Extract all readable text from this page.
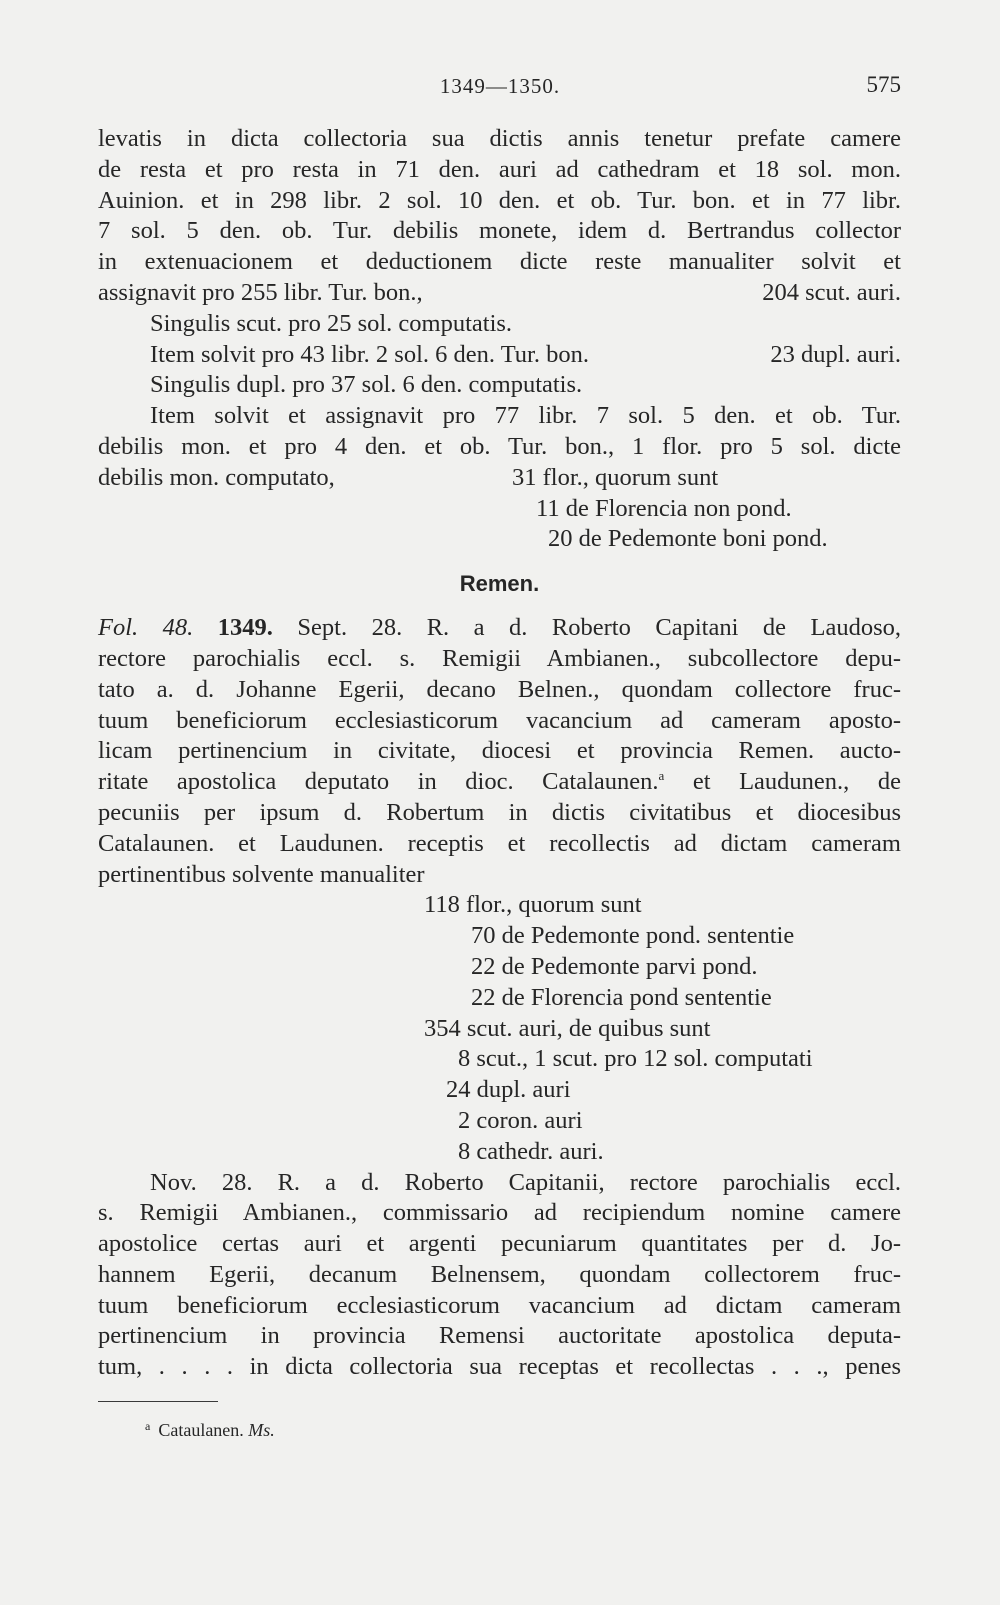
1349—1350.	575
levatis in dicta collectoria sua dictis annis tenetur prefate camere
de resta et pro resta in 71 den. auri ad cathedram et 18 sol. mon.
Auinion. et in 298 libr. 2 sol. 10 den. et ob. Tur. bon. et in 77 libr.
7 sol. 5 den. ob. Tur. debilis monete, idem d. Bertrandus collector
in extenuacionem et deductionem dicte reste manualiter solvit et
assignavit pro 255 libr. Tur. bon.,	204 scut. auri.
Singulis scut. pro 25 sol. computatis.
Item solvit pro 43 libr. 2 sol. 6 den. Tur. bon.	23 dupl. auri.
Singulis dupl. pro 37 sol. 6 den. computatis.
Item solvit et assignavit pro 77 libr. 7 sol. 5 den. et ob. Tur.
debilis mon. et pro 4 den. et ob. Tur. bon., 1 flor. pro 5 sol. dicte
debilis mon. computato,	31 flor., quorum sunt
11 de Florencia non pond.
20 de Pedemonte boni pond.
Remen.
Fol. 48. 1349. Sept. 28. R. a d. Roberto Capitani de Laudoso,
rectore parochialis eccl. s. Remigii Ambianen., subcollectore depu-
tato a. d. Johanne Egerii, decano Belnen., quondam collectore fruc-
tuum beneficiorum ecclesiasticorum vacancium ad cameram aposto-
licam pertinencium in civitate, diocesi et provincia Remen. aucto-
ritate apostolica deputato in dioc. Catalaunen.$^a$ et Laudunen., de
pecuniis per ipsum d. Robertum in dictis civitatibus et diocesibus
Catalaunen. et Laudunen. receptis et recollectis ad dictam cameram
pertinentibus solvente manualiter
118 flor., quorum sunt
70 de Pedemonte pond. sententie
22 de Pedemonte parvi pond.
22 de Florencia pond sententie
354 scut. auri, de quibus sunt
8 scut., 1 scut. pro 12 sol. computati
24 dupl. auri
2 coron. auri
8 cathedr. auri.
Nov. 28. R. a d. Roberto Capitanii, rectore parochialis eccl.
s. Remigii Ambianen., commissario ad recipiendum nomine camere
apostolice certas auri et argenti pecuniarum quantitates per d. Jo-
hannem Egerii, decanum Belnensem, quondam collectorem fruc-
tuum beneficiorum ecclesiasticorum vacancium ad dictam cameram
pertinencium in provincia Remensi auctoritate apostolica deputa-
tum, . . . . in dicta collectoria sua receptas et recollectas . . ., penes
$^a$ Cataulanen. Ms.
